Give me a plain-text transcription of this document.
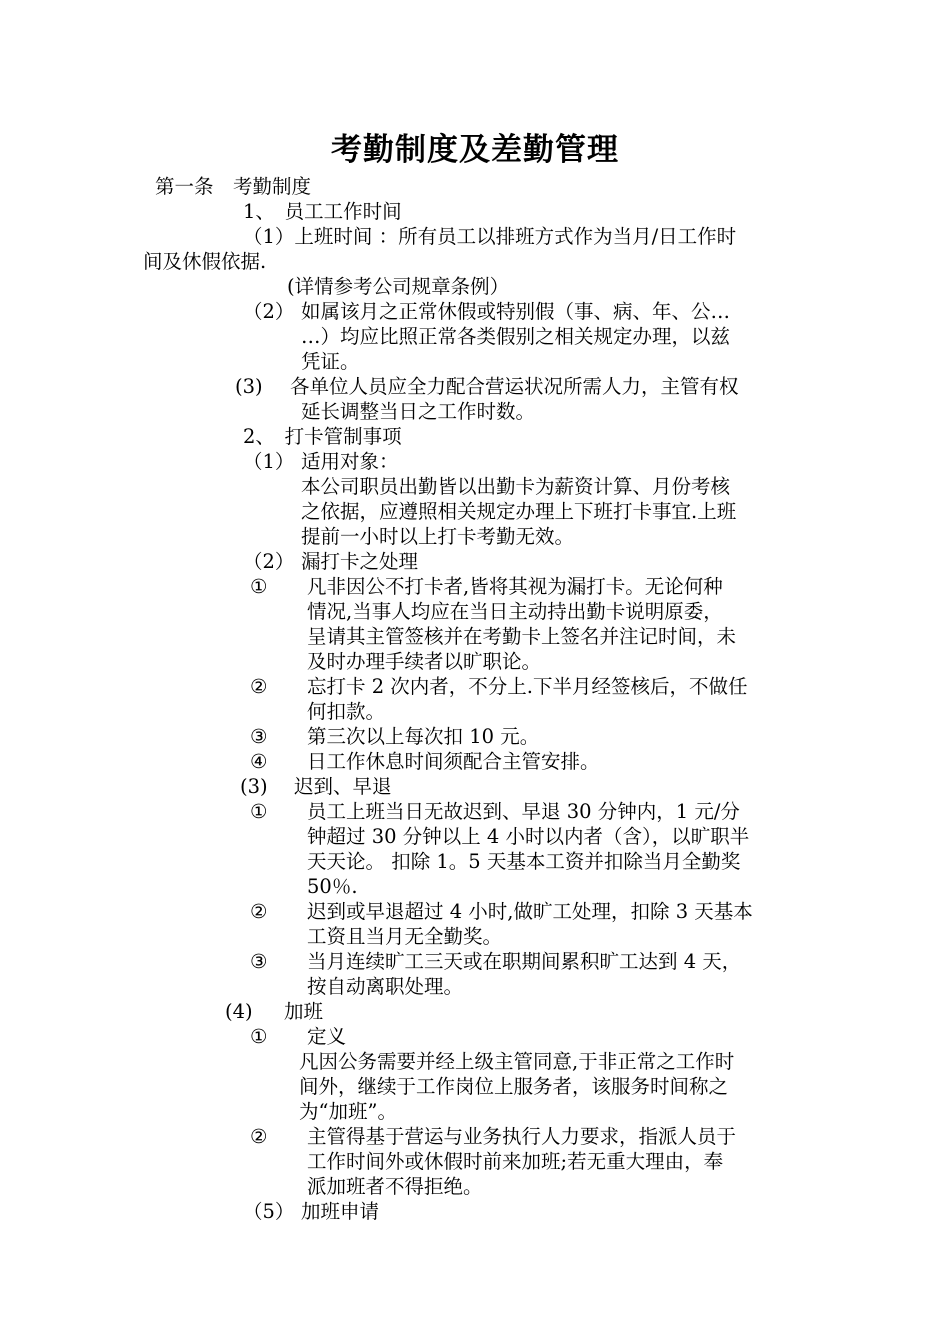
考勤制度及差勤管理
第一条　考勤制度
1、　员工工作时间
（1）上班时间 ：所有员工以排班方式作为当月/日工作时
间及休假依据.
(详情参考公司规章条例）
（2） 如属该月之正常休假或特别假（事、病、年、公…
…）均应比照正常各类假别之相关规定办理，以兹
凭证。
(3) 各单位人员应全力配合营运状况所需人力，主管有权
延长调整当日之工作时数。
2、　打卡管制事项
（1） 适用对象：
本公司职员出勤皆以出勤卡为薪资计算、月份考核
之依据，应遵照相关规定办理上下班打卡事宜.上班
提前一小时以上打卡考勤无效。
（2） 漏打卡之处理
① 凡非因公不打卡者,皆将其视为漏打卡。无论何种
情况,当事人均应在当日主动持出勤卡说明原委，
呈请其主管签核并在考勤卡上签名并注记时间，未
及时办理手续者以旷职论。
② 忘打卡 2 次内者，不分上.下半月经签核后，不做任
何扣款。
③ 第三次以上每次扣 10 元。
④ 日工作休息时间须配合主管安排。
(3) 迟到、早退
① 员工上班当日无故迟到、早退 30 分钟内，1 元/分
钟超过 30 分钟以上 4 小时以内者（含），以旷职半
天天论。 扣除 1。5 天基本工资并扣除当月全勤奖
50％.
② 迟到或早退超过 4 小时,做旷工处理，扣除 3 天基本
工资且当月无全勤奖。
③ 当月连续旷工三天或在职期间累积旷工达到 4 天，
按自动离职处理。
(4) 加班
① 定义
凡因公务需要并经上级主管同意,于非正常之工作时
间外，继续于工作岗位上服务者，该服务时间称之
为“加班”。
② 主管得基于营运与业务执行人力要求，指派人员于
工作时间外或休假时前来加班;若无重大理由，奉
派加班者不得拒绝。
（5） 加班申请
